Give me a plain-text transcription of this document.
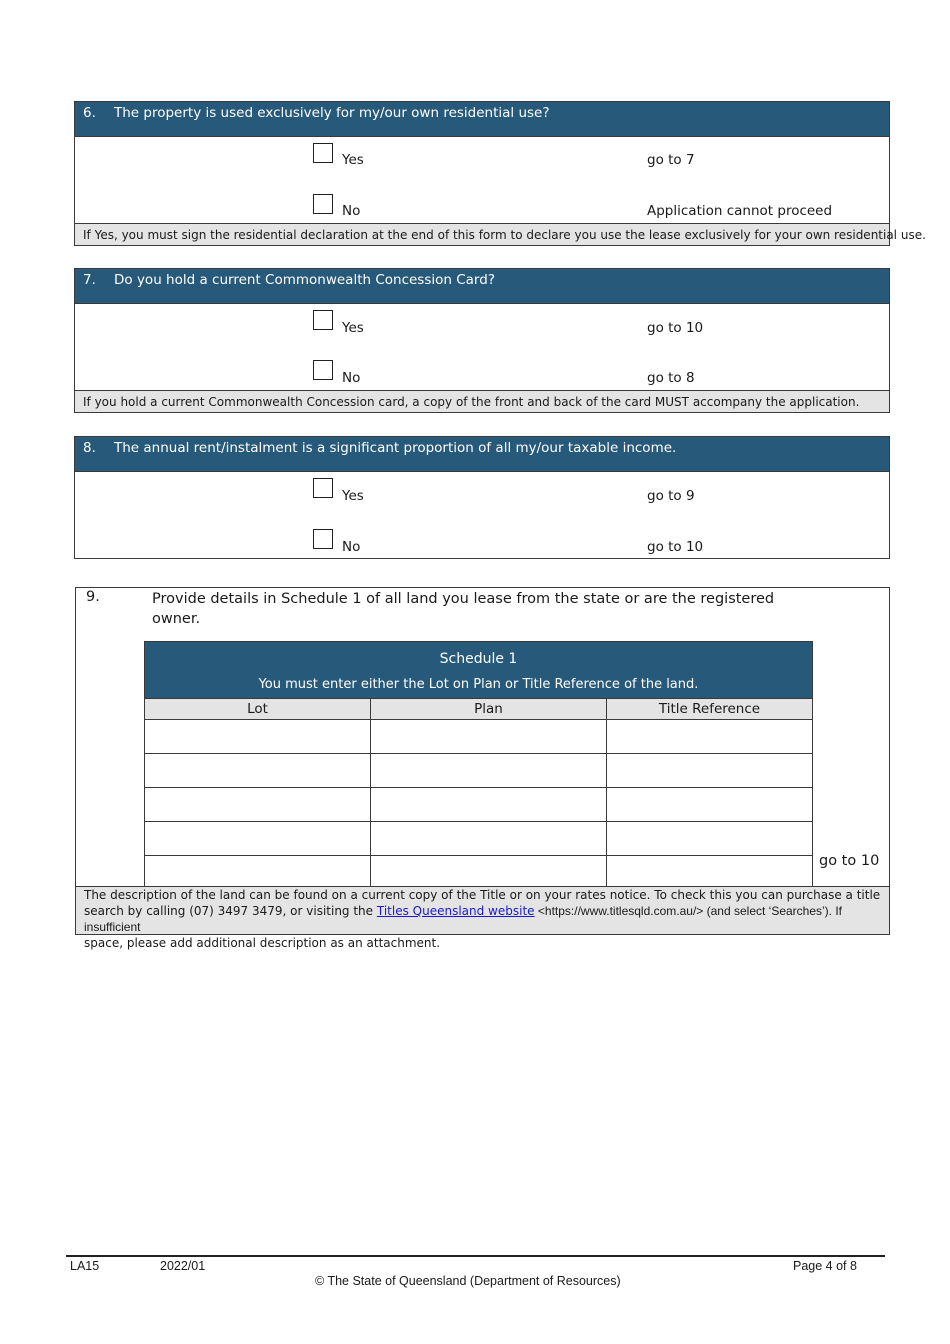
6. The property is used exclusively for my/our own residential use?
Yes	go to 7
No	Application cannot proceed
If Yes, you must sign the residential declaration at the end of this form to declare you use the lease exclusively for your own residential use.
7. Do you hold a current Commonwealth Concession Card?
Yes	go to 10
No	go to 8
If you hold a current Commonwealth Concession card, a copy of the front and back of the card MUST accompany the application.
8. The annual rent/instalment is a significant proportion of all my/our taxable income.
Yes	go to 9
No	go to 10
9.	Provide details in Schedule 1 of all land you lease from the state or are the registered owner.
Schedule 1
You must enter either the Lot on Plan or Title Reference of the land.		

Lot	Plan	Title Reference

go to 10
The description of the land can be found on a current copy of the Title or on your rates notice. To check this you can purchase a title search by calling (07) 3497 3479, or visiting the Titles Queensland website <https://www.titlesqld.com.au/> (and select ‘Searches’). If insufficient
space, please add additional description as an attachment.
LA15	2022/01	Page 4 of 8
© The State of Queensland (Department of Resources)
